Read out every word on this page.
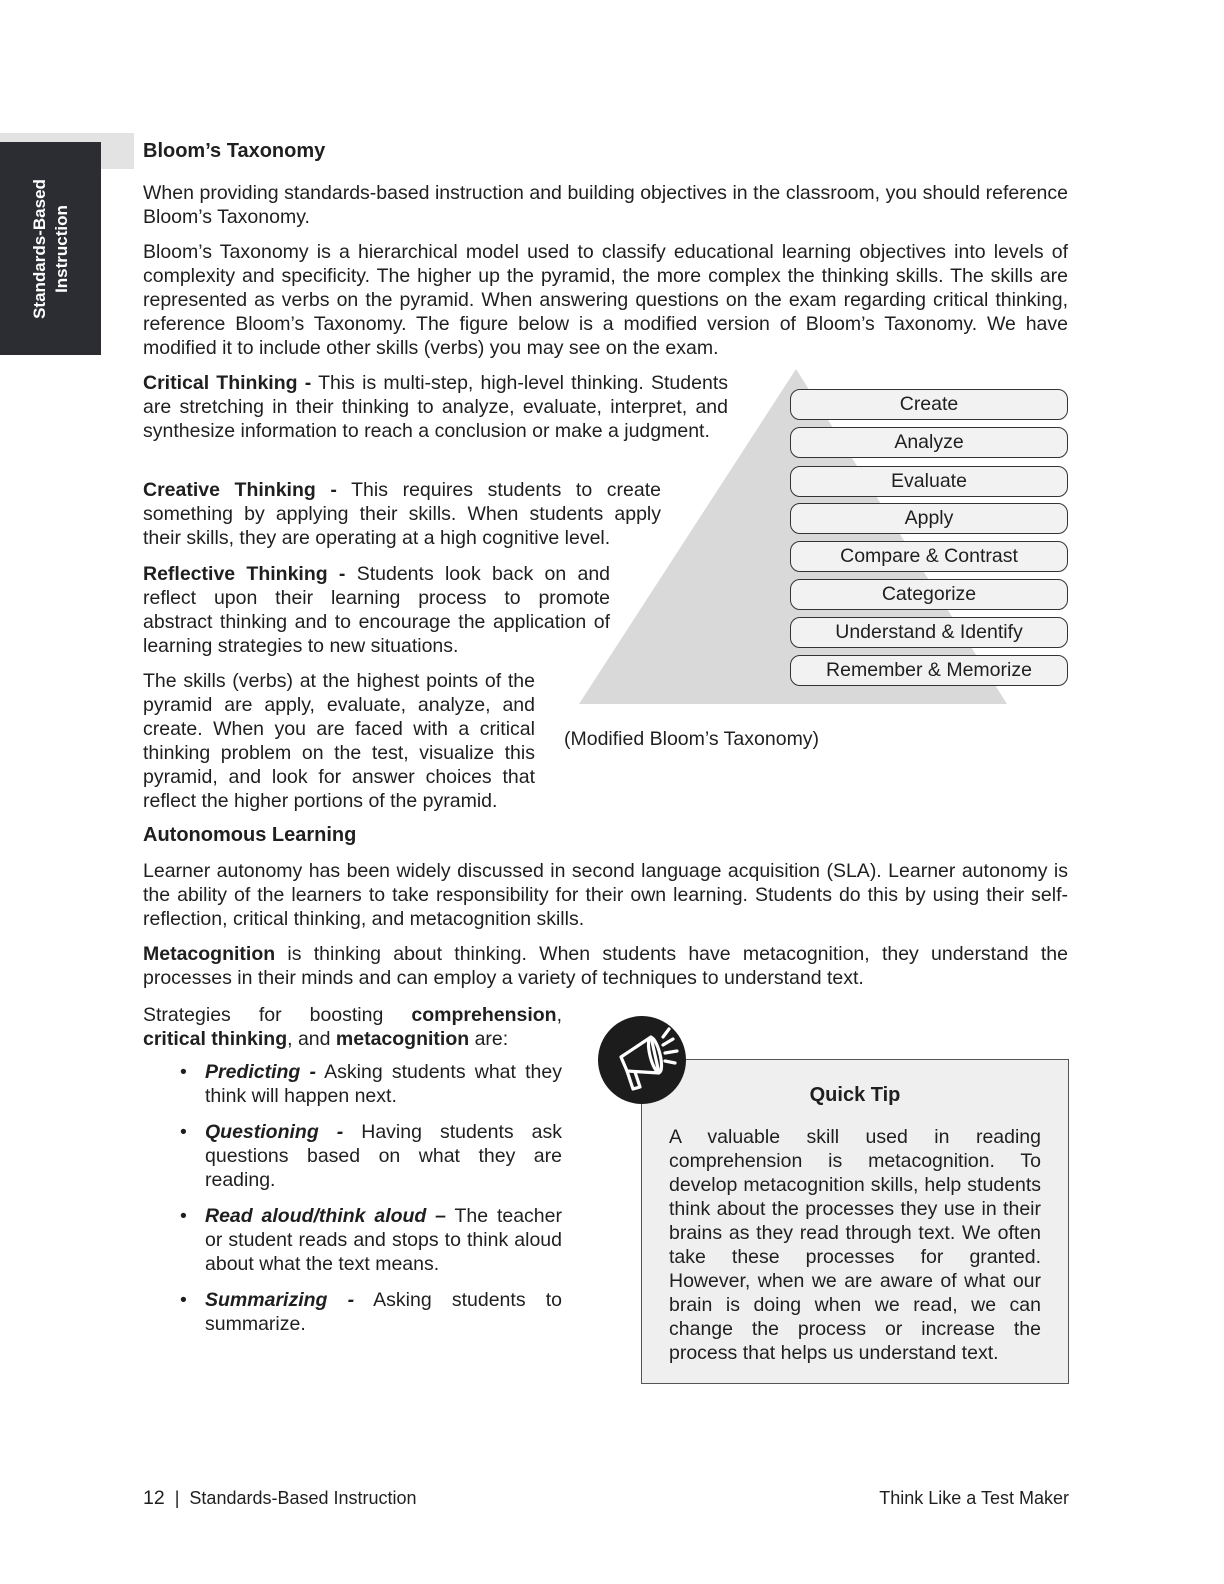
Standards-Based Instruction
Bloom’s Taxonomy

When providing standards-based instruction and building objectives in the classroom, you should reference Bloom’s Taxonomy.

Bloom’s Taxonomy is a hierarchical model used to classify educational learning objectives into levels of complexity and specificity. The higher up the pyramid, the more complex the thinking skills. The skills are represented as verbs on the pyramid. When answering questions on the exam regarding critical thinking, reference Bloom’s Taxonomy. The figure below is a modified version of Bloom’s Taxonomy. We have modified it to include other skills (verbs) you may see on the exam.

Create
Analyze
Evaluate
Apply
Compare & Contrast
Categorize
Understand & Identify
Remember & Memorize

Critical Thinking - This is multi-step, high-level thinking. Students are stretching in their thinking to analyze, evaluate, interpret, and synthesize information to reach a conclusion or make a judgment.

Creative Thinking - This requires students to create something by applying their skills. When students apply their skills, they are operating at a high cognitive level.

Reflective Thinking - Students look back on and reflect upon their learning process to promote abstract thinking and to encourage the application of learning strategies to new situations.

The skills (verbs) at the highest points of the pyramid are apply, evaluate, analyze, and create. When you are faced with a critical thinking problem on the test, visualize this pyramid, and look for answer choices that reflect the higher portions of the pyramid.

(Modified Bloom’s Taxonomy)
Autonomous Learning

Learner autonomy has been widely discussed in second language acquisition (SLA). Learner autonomy is the ability of the learners to take responsibility for their own learning. Students do this by using their self-reflection, critical thinking, and metacognition skills.

Metacognition is thinking about thinking. When students have metacognition, they understand the processes in their minds and can employ a variety of techniques to understand text.

Strategies for boosting comprehension, critical thinking, and metacognition are:

• Predicting - Asking students what they think will happen next.
• Questioning - Having students ask questions based on what they are reading.
• Read aloud/think aloud – The teacher or student reads and stops to think aloud about what the text means.
• Summarizing - Asking students to summarize.
Quick Tip

A valuable skill used in reading comprehension is metacognition. To develop metacognition skills, help students think about the processes they use in their brains as they read through text. We often take these processes for granted. However, when we are aware of what our brain is doing when we read, we can change the process or increase the process that helps us understand text.

12 | Standards-Based Instruction	Think Like a Test Maker
